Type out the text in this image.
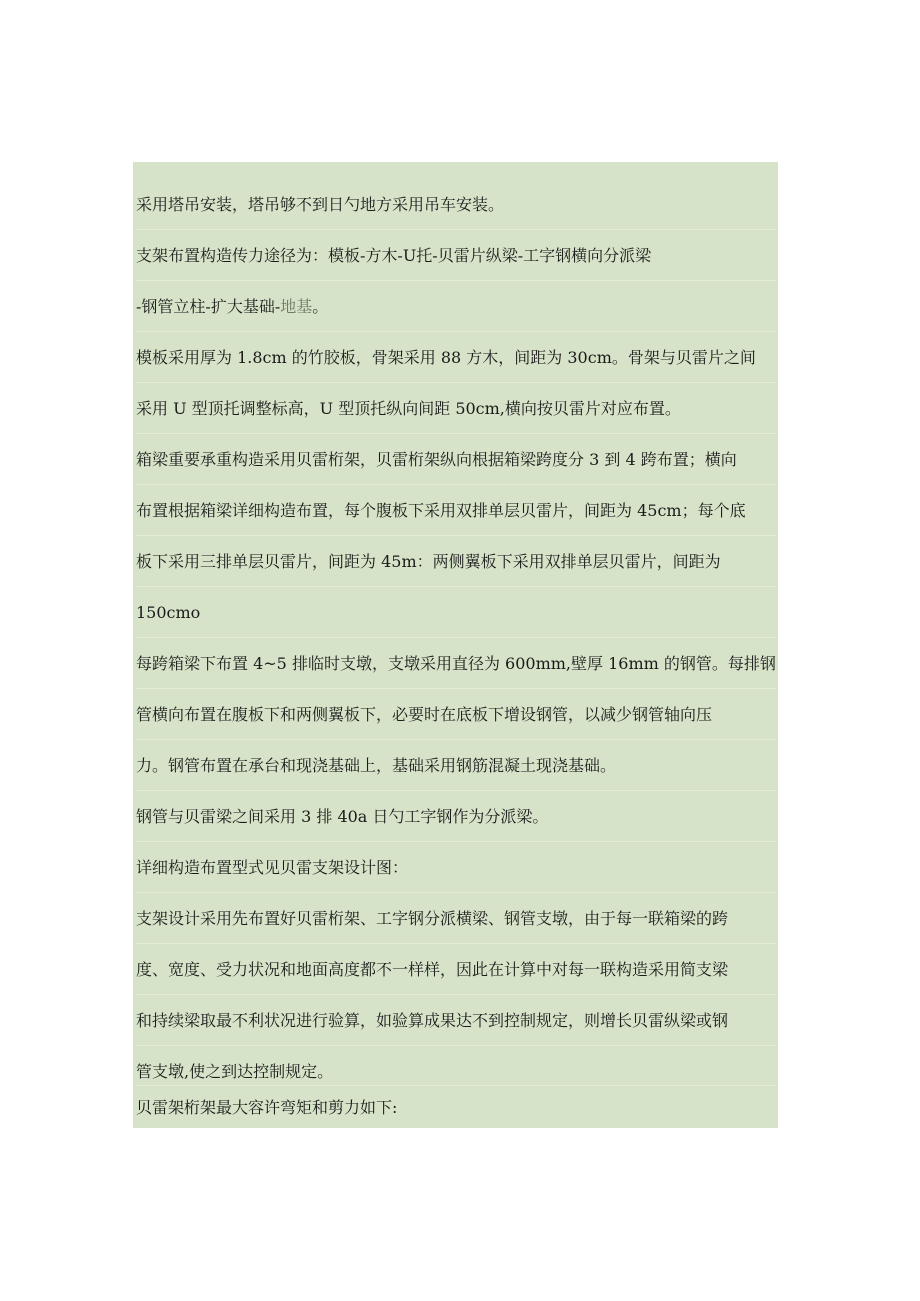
采用塔吊安装，塔吊够不到日勺地方采用吊车安装。
支架布置构造传力途径为：模板-方木-U托-贝雷片纵梁-工字钢横向分派梁
-钢管立柱-扩大基础-地基。
模板采用厚为 1.8cm 的竹胶板，骨架采用 88 方木，间距为 30cm。骨架与贝雷片之间
采用 U 型顶托调整标高，U 型顶托纵向间距 50cm,横向按贝雷片对应布置。
箱梁重要承重构造采用贝雷桁架，贝雷桁架纵向根据箱梁跨度分 3 到 4 跨布置；横向
布置根据箱梁详细构造布置，每个腹板下采用双排单层贝雷片，间距为 45cm；每个底
板下采用三排单层贝雷片，间距为 45m：两侧翼板下采用双排单层贝雷片，间距为
150cmo
每跨箱梁下布置 4~5 排临时支墩，支墩采用直径为 600mm,壁厚 16mm 的钢管。每排钢
管横向布置在腹板下和两侧翼板下，必要时在底板下增设钢管，以减少钢管轴向压
力。钢管布置在承台和现浇基础上，基础采用钢筋混凝土现浇基础。
钢管与贝雷梁之间采用 3 排 40a 日勺工字钢作为分派梁。
详细构造布置型式见贝雷支架设计图：
支架设计采用先布置好贝雷桁架、工字钢分派横梁、钢管支墩，由于每一联箱梁的跨
度、宽度、受力状况和地面高度都不一样样，因此在计算中对每一联构造采用简支梁
和持续梁取最不利状况进行验算，如验算成果达不到控制规定，则增长贝雷纵梁或钢
管支墩,使之到达控制规定。
贝雷架桁架最大容许弯矩和剪力如下:
